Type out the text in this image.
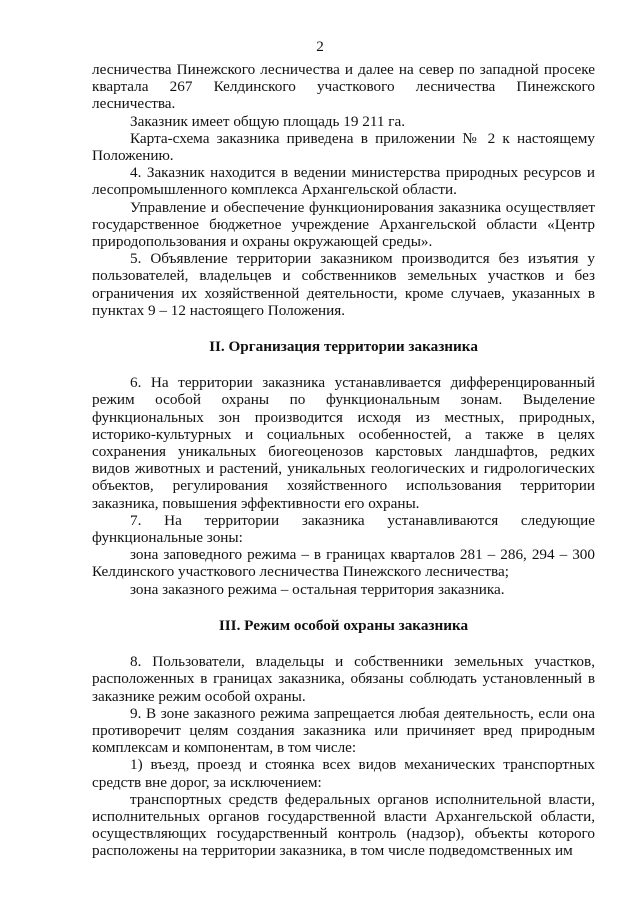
2

лесничества Пинежского лесничества и далее на север по западной просеке квартала 267 Келдинского участкового лесничества Пинежского лесничества.

Заказник имеет общую площадь 19 211 га.

Карта-схема заказника приведена в приложении № 2 к настоящему Положению.

4. Заказник находится в ведении министерства природных ресурсов и лесопромышленного комплекса Архангельской области.

Управление и обеспечение функционирования заказника осуществляет государственное бюджетное учреждение Архангельской области «Центр природопользования и охраны окружающей среды».

5. Объявление территории заказником производится без изъятия у пользователей, владельцев и собственников земельных участков и без ограничения их хозяйственной деятельности, кроме случаев, указанных в пунктах 9 – 12 настоящего Положения.

II. Организация территории заказника

6. На территории заказника устанавливается дифференцированный режим особой охраны по функциональным зонам. Выделение функциональных зон производится исходя из местных, природных, историко-культурных и социальных особенностей, а также в целях сохранения уникальных биогеоценозов карстовых ландшафтов, редких видов животных и растений, уникальных геологических и гидрологических объектов, регулирования хозяйственного использования территории заказника, повышения эффективности его охраны.

7. На территории заказника устанавливаются следующие функциональные зоны:

зона заповедного режима – в границах кварталов 281 – 286, 294 – 300 Келдинского участкового лесничества Пинежского лесничества;

зона заказного режима – остальная территория заказника.

III. Режим особой охраны заказника

8. Пользователи, владельцы и собственники земельных участков, расположенных в границах заказника, обязаны соблюдать установленный в заказнике режим особой охраны.

9. В зоне заказного режима запрещается любая деятельность, если она противоречит целям создания заказника или причиняет вред природным комплексам и компонентам, в том числе:

1) въезд, проезд и стоянка всех видов механических транспортных средств вне дорог, за исключением:

транспортных средств федеральных органов исполнительной власти, исполнительных органов государственной власти Архангельской области, осуществляющих государственный контроль (надзор), объекты которого расположены на территории заказника, в том числе подведомственных им
